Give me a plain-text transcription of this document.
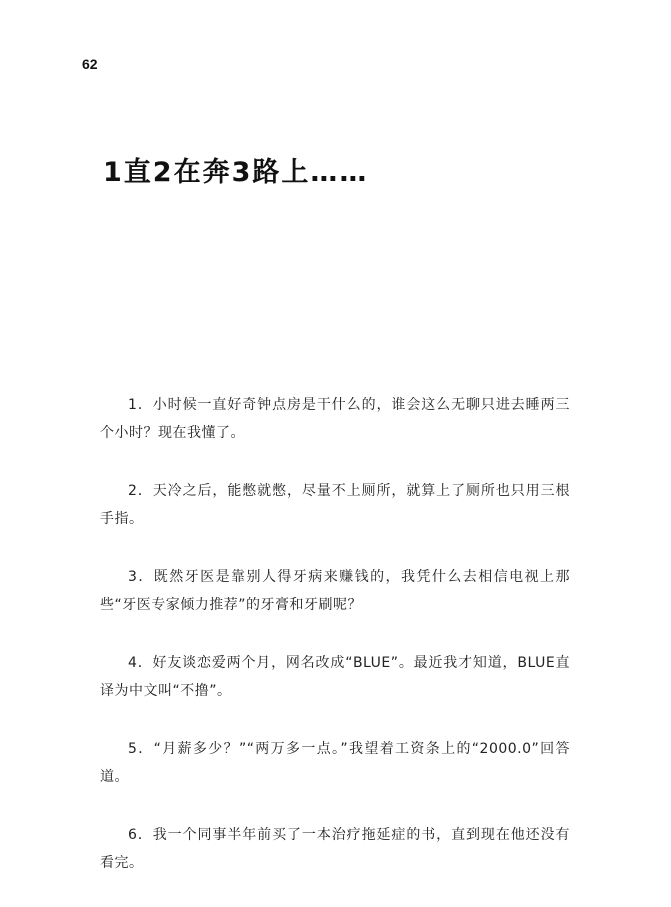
62
1直2在奔3路上……
1．小时候一直好奇钟点房是干什么的，谁会这么无聊只进去睡两三个小时？现在我懂了。
2．天冷之后，能憋就憋，尽量不上厕所，就算上了厕所也只用三根手指。
3．既然牙医是靠别人得牙病来赚钱的，我凭什么去相信电视上那些“牙医专家倾力推荐”的牙膏和牙刷呢？
4．好友谈恋爱两个月，网名改成“BLUE”。最近我才知道，BLUE直译为中文叫“不撸”。
5．“月薪多少？”“两万多一点。”我望着工资条上的“2000.0”回答道。
6．我一个同事半年前买了一本治疗拖延症的书，直到现在他还没有看完。
